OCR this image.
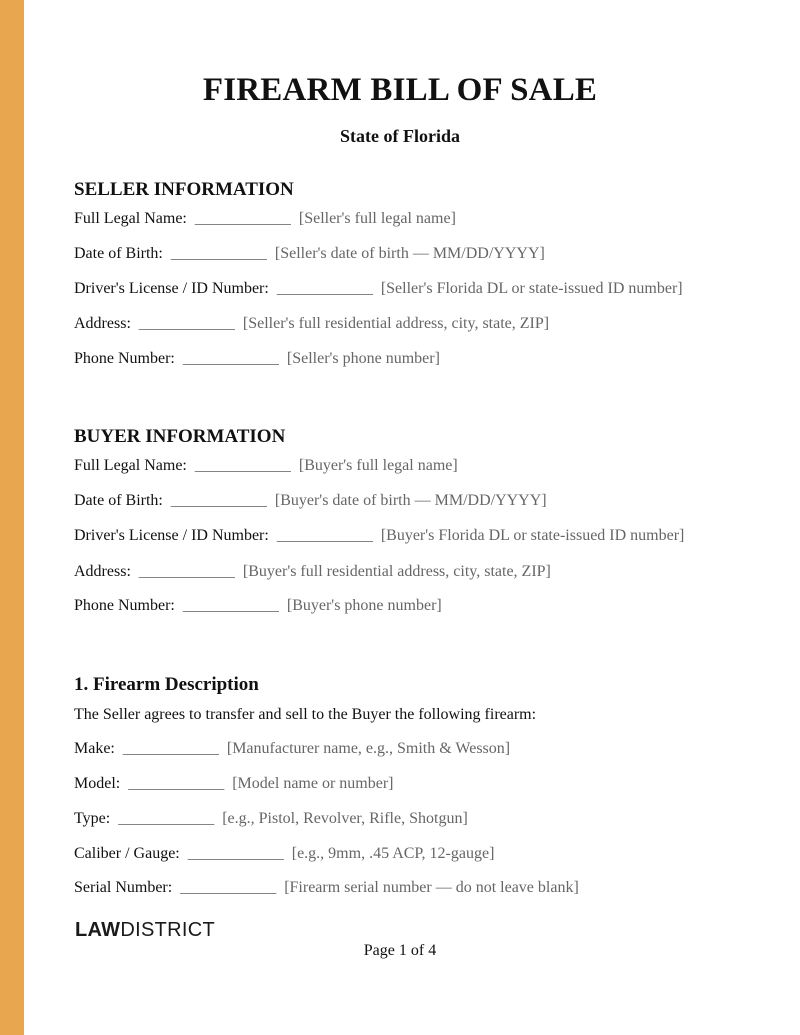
FIREARM BILL OF SALE
State of Florida
SELLER INFORMATION
Full Legal Name: ____________ [Seller's full legal name]
Date of Birth: ____________ [Seller's date of birth — MM/DD/YYYY]
Driver's License / ID Number: ____________ [Seller's Florida DL or state-issued ID number]
Address: ____________ [Seller's full residential address, city, state, ZIP]
Phone Number: ____________ [Seller's phone number]
BUYER INFORMATION
Full Legal Name: ____________ [Buyer's full legal name]
Date of Birth: ____________ [Buyer's date of birth — MM/DD/YYYY]
Driver's License / ID Number: ____________ [Buyer's Florida DL or state-issued ID number]
Address: ____________ [Buyer's full residential address, city, state, ZIP]
Phone Number: ____________ [Buyer's phone number]
1. Firearm Description
The Seller agrees to transfer and sell to the Buyer the following firearm:
Make: ____________ [Manufacturer name, e.g., Smith & Wesson]
Model: ____________ [Model name or number]
Type: ____________ [e.g., Pistol, Revolver, Rifle, Shotgun]
Caliber / Gauge: ____________ [e.g., 9mm, .45 ACP, 12-gauge]
Serial Number: ____________ [Firearm serial number — do not leave blank]
LAWDISTRICT
Page 1 of 4
